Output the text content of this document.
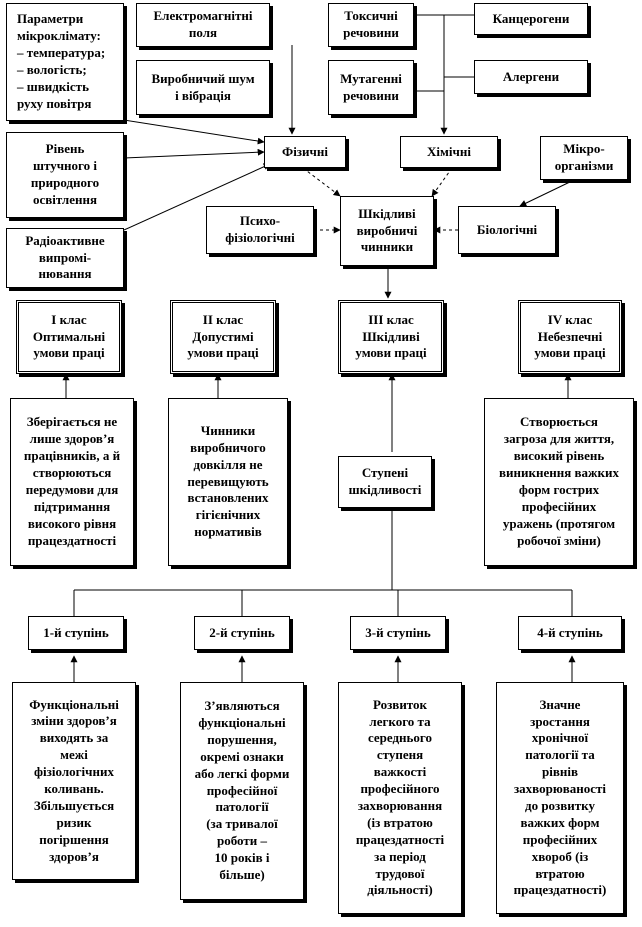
Параметри
мікроклімату:
– температура;
– вологість;
– швидкість
руху повітря
Електромагнітні
поля
Виробничий шум
і вібрація
Токсичні
речовини
Канцерогени
Мутагенні
речовини
Алергени
Рівень
штучного і
природного
освітлення
Фізичні	Хімічні	Мікро-
організми
Радіоактивне
випромі-
нювання
Психо-
фізіологічні
Шкідливі
виробничі
чинники
Біологічні
I клас
Оптимальні
умови праці
II клас
Допустимі
умови праці
III клас
Шкідливі
умови праці
IV клас
Небезпечні
умови праці
Зберігається не
лише здоров’я
працівників, а й
створюються
передумови для
підтримання
високого рівня
працездатності
Чинники
виробничого
довкілля не
перевищують
встановлених
гігієнічних
нормативів
Ступені
шкідливості
Створюється
загроза для життя,
високий рівень
виникнення важких
форм гострих
професійних
уражень (протягом
робочої зміни)
1-й ступінь	2-й ступінь	3-й ступінь	4-й ступінь
Функціональні
зміни здоров’я
виходять за
межі
фізіологічних
коливань.
Збільшується
ризик
погіршення
здоров’я
З’являються
функціональні
порушення,
окремі ознаки
або легкі форми
професійної
патології
(за тривалої
роботи –
10 років і
більше)
Розвиток
легкого та
середнього
ступеня
важкості
професійного
захворювання
(із втратою
працездатності
за період
трудової
діяльності)
Значне
зростання
хронічної
патології та
рівнів
захворюваності
до розвитку
важких форм
професійних
хвороб (із
втратою
працездатності)
